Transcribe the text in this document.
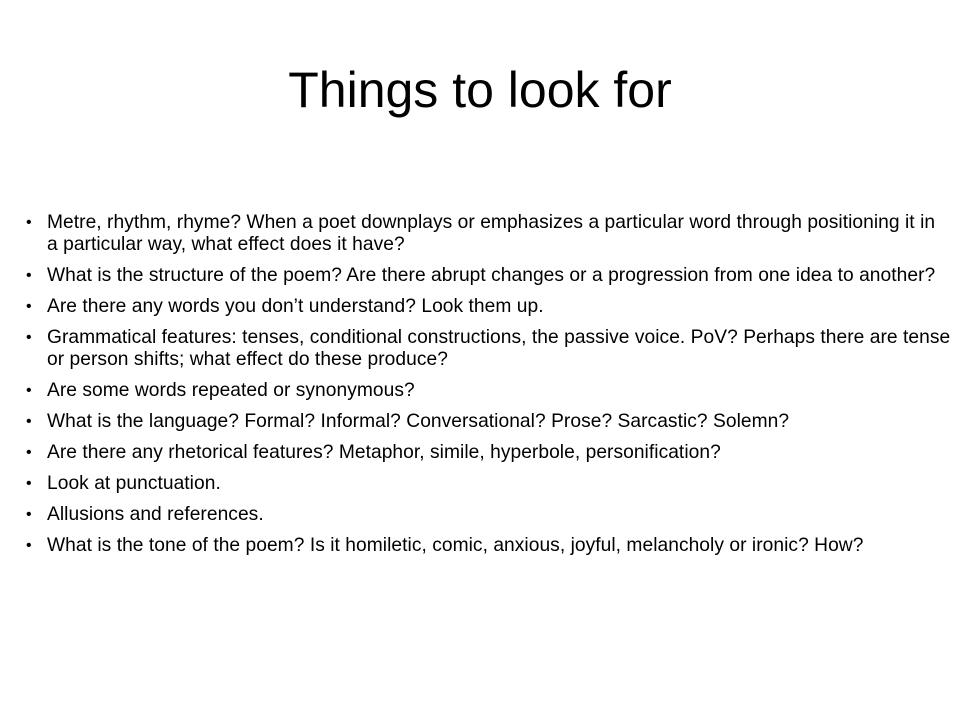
Things to look for
• Metre, rhythm, rhyme? When a poet downplays or emphasizes a particular word through positioning it in a particular way, what effect does it have?
• What is the structure of the poem? Are there abrupt changes or a progression from one idea to another?
• Are there any words you don’t understand? Look them up.
• Grammatical features: tenses, conditional constructions, the passive voice. PoV? Perhaps there are tense or person shifts; what effect do these produce?
• Are some words repeated or synonymous?
• What is the language? Formal? Informal? Conversational? Prose? Sarcastic? Solemn?
• Are there any rhetorical features? Metaphor, simile, hyperbole, personification?
• Look at punctuation.
• Allusions and references.
• What is the tone of the poem? Is it homiletic, comic, anxious, joyful, melancholy or ironic? How?
